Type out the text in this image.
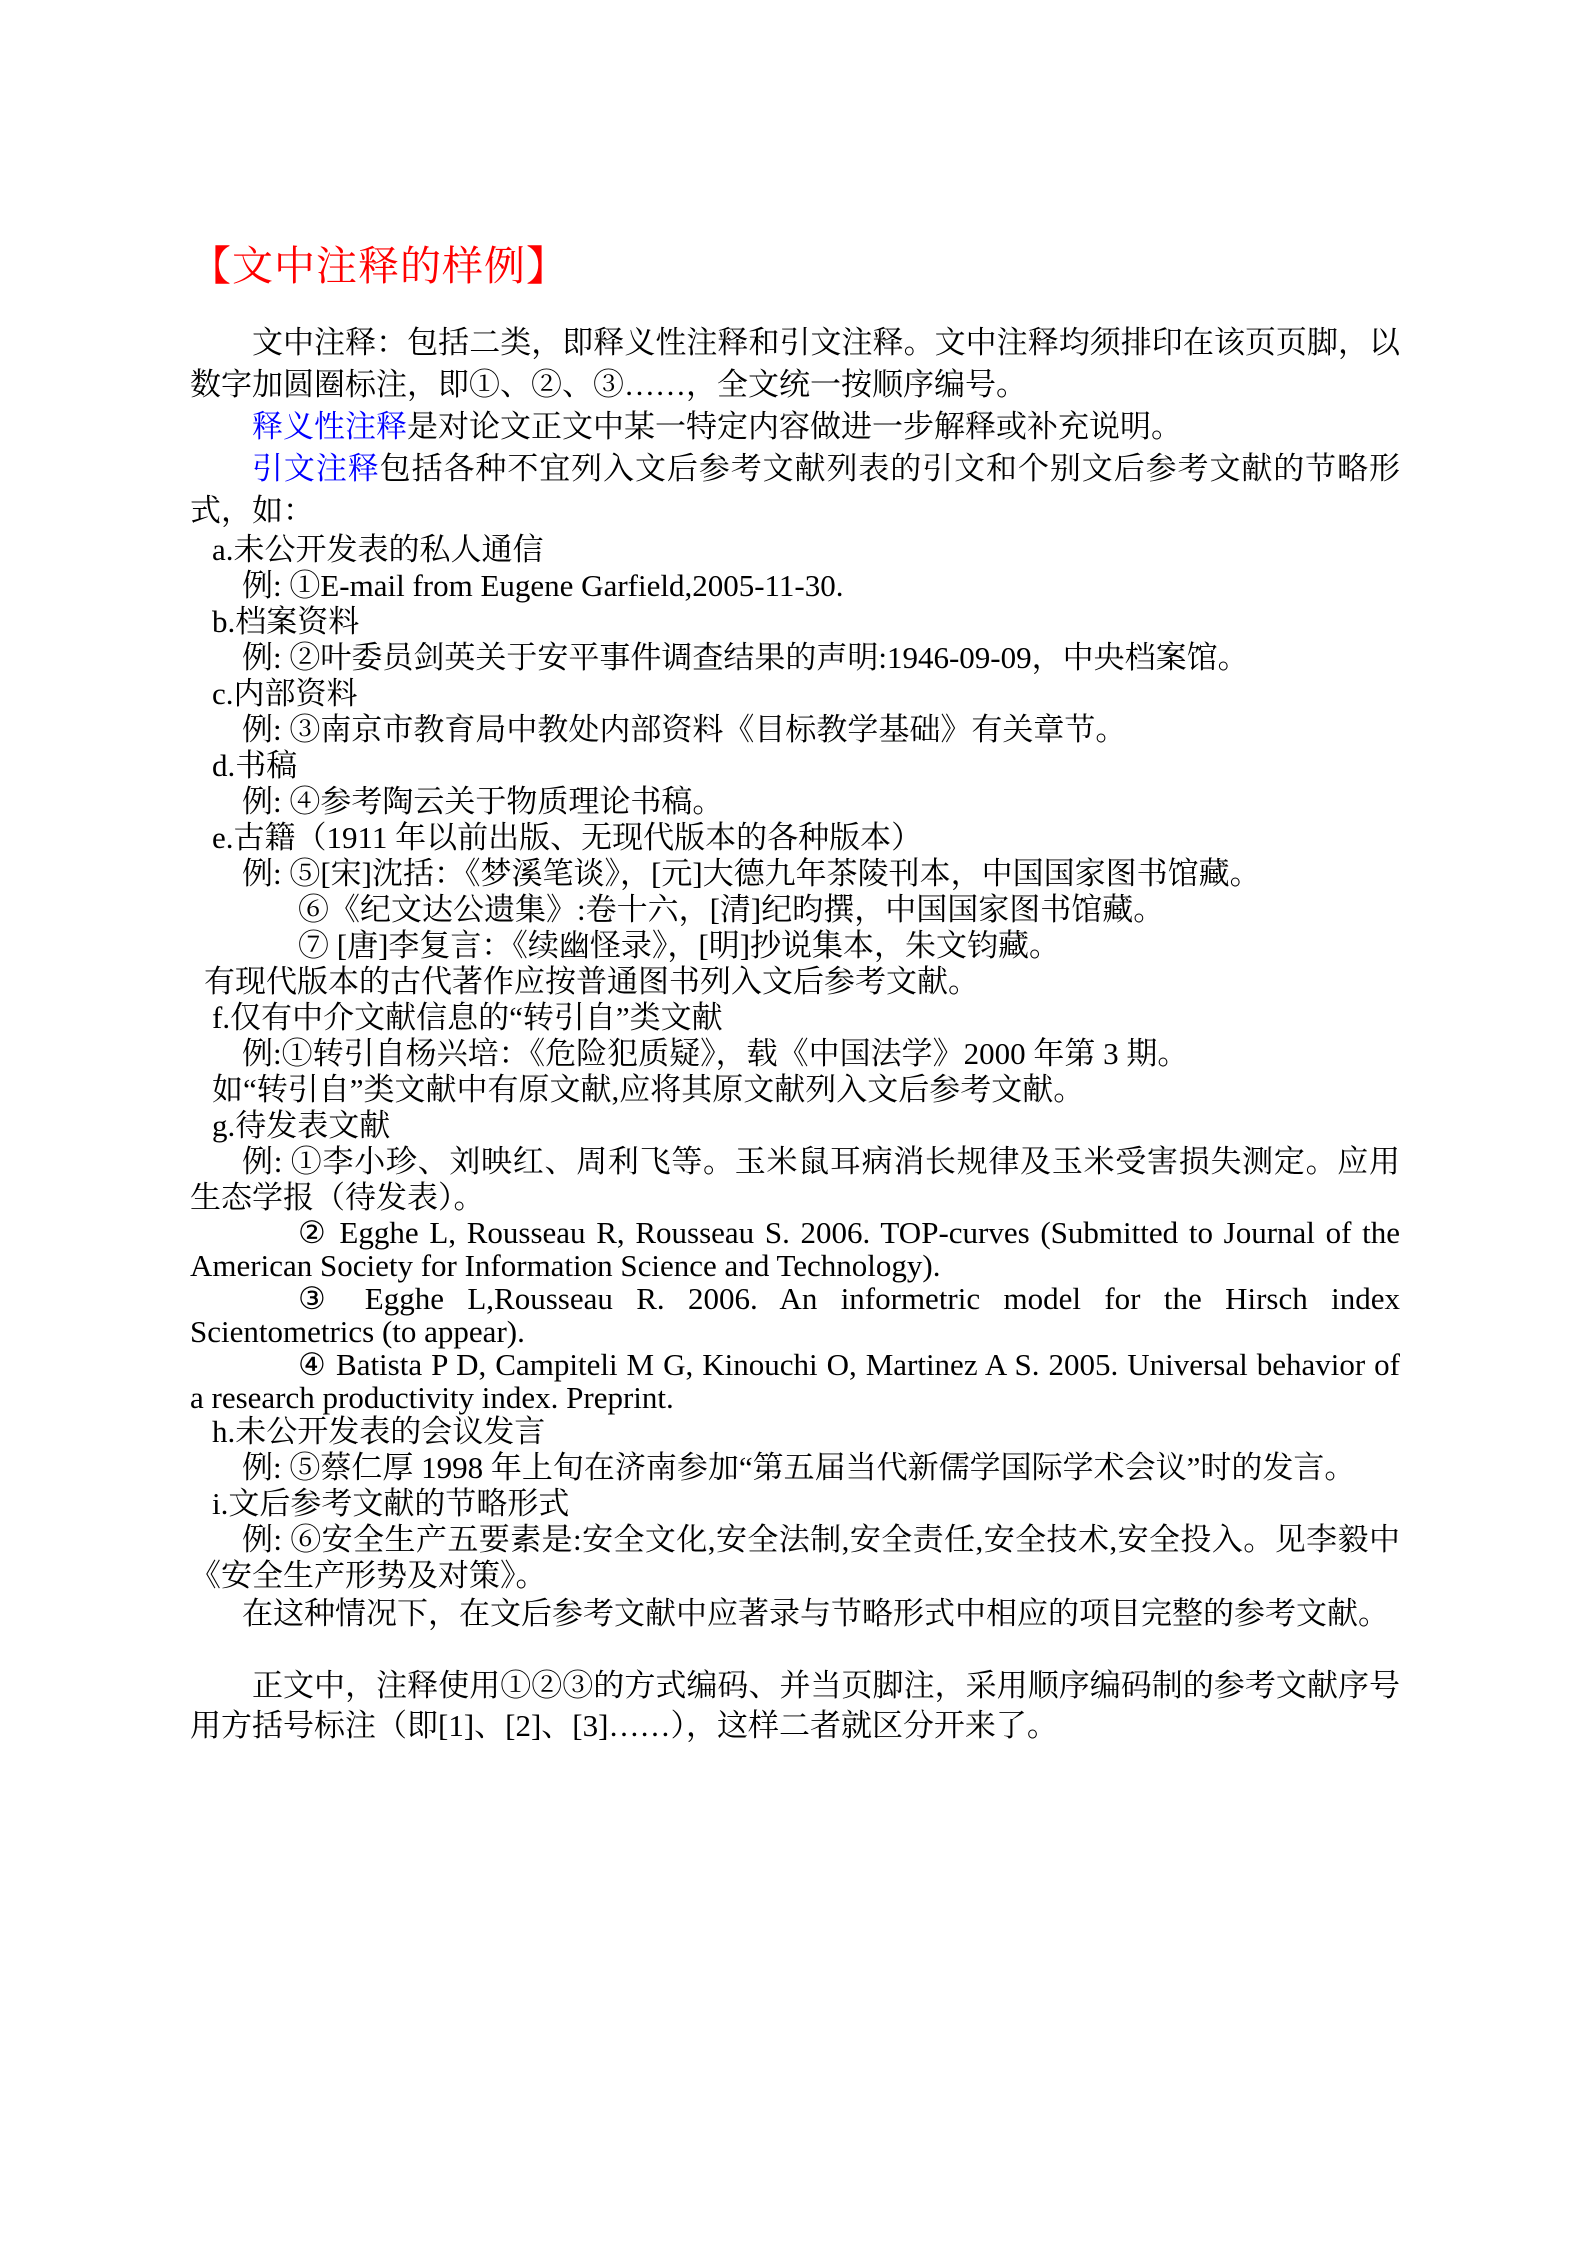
【文中注释的样例】
文中注释：包括二类，即释义性注释和引文注释。文中注释均须排印在该页页脚，以数字加圆圈标注，即①、②、③……，全文统一按顺序编号。
释义性注释是对论文正文中某一特定内容做进一步解释或补充说明。
引文注释包括各种不宜列入文后参考文献列表的引文和个别文后参考文献的节略形式，如：
a.未公开发表的私人通信
例: ①E-mail from Eugene Garfield,2005-11-30.
b.档案资料
例: ②叶委员剑英关于安平事件调查结果的声明:1946-09-09，中央档案馆。
c.内部资料
例: ③南京市教育局中教处内部资料《目标教学基础》有关章节。
d.书稿
例: ④参考陶云关于物质理论书稿。
e.古籍（1911 年以前出版、无现代版本的各种版本）
例: ⑤[宋]沈括：《梦溪笔谈》，[元]大德九年茶陵刊本，中国国家图书馆藏。
⑥《纪文达公遗集》:卷十六，[清]纪昀撰，中国国家图书馆藏。
⑦ [唐]李复言：《续幽怪录》，[明]抄说集本，朱文钧藏。
有现代版本的古代著作应按普通图书列入文后参考文献。
f.仅有中介文献信息的“转引自”类文献
例:①转引自杨兴培：《危险犯质疑》，载《中国法学》2000 年第 3 期。
如“转引自”类文献中有原文献,应将其原文献列入文后参考文献。
g.待发表文献
例: ①李小珍、刘映红、周利飞等。玉米鼠耳病消长规律及玉米受害损失测定。应用生态学报（待发表）。
② Egghe L, Rousseau R, Rousseau S. 2006. TOP-curves (Submitted to Journal of the American Society for Information Science and Technology).
③ Egghe L,Rousseau R. 2006. An informetric model for the Hirsch index Scientometrics (to appear).
④ Batista P D, Campiteli M G, Kinouchi O, Martinez A S. 2005. Universal behavior of a research productivity index. Preprint.
h.未公开发表的会议发言
例: ⑤蔡仁厚 1998 年上旬在济南参加“第五届当代新儒学国际学术会议”时的发言。
i.文后参考文献的节略形式
例: ⑥安全生产五要素是:安全文化,安全法制,安全责任,安全技术,安全投入。见李毅中《安全生产形势及对策》。
在这种情况下，在文后参考文献中应著录与节略形式中相应的项目完整的参考文献。
正文中，注释使用①②③的方式编码、并当页脚注，采用顺序编码制的参考文献序号用方括号标注（即[1]、[2]、[3]……），这样二者就区分开来了。
